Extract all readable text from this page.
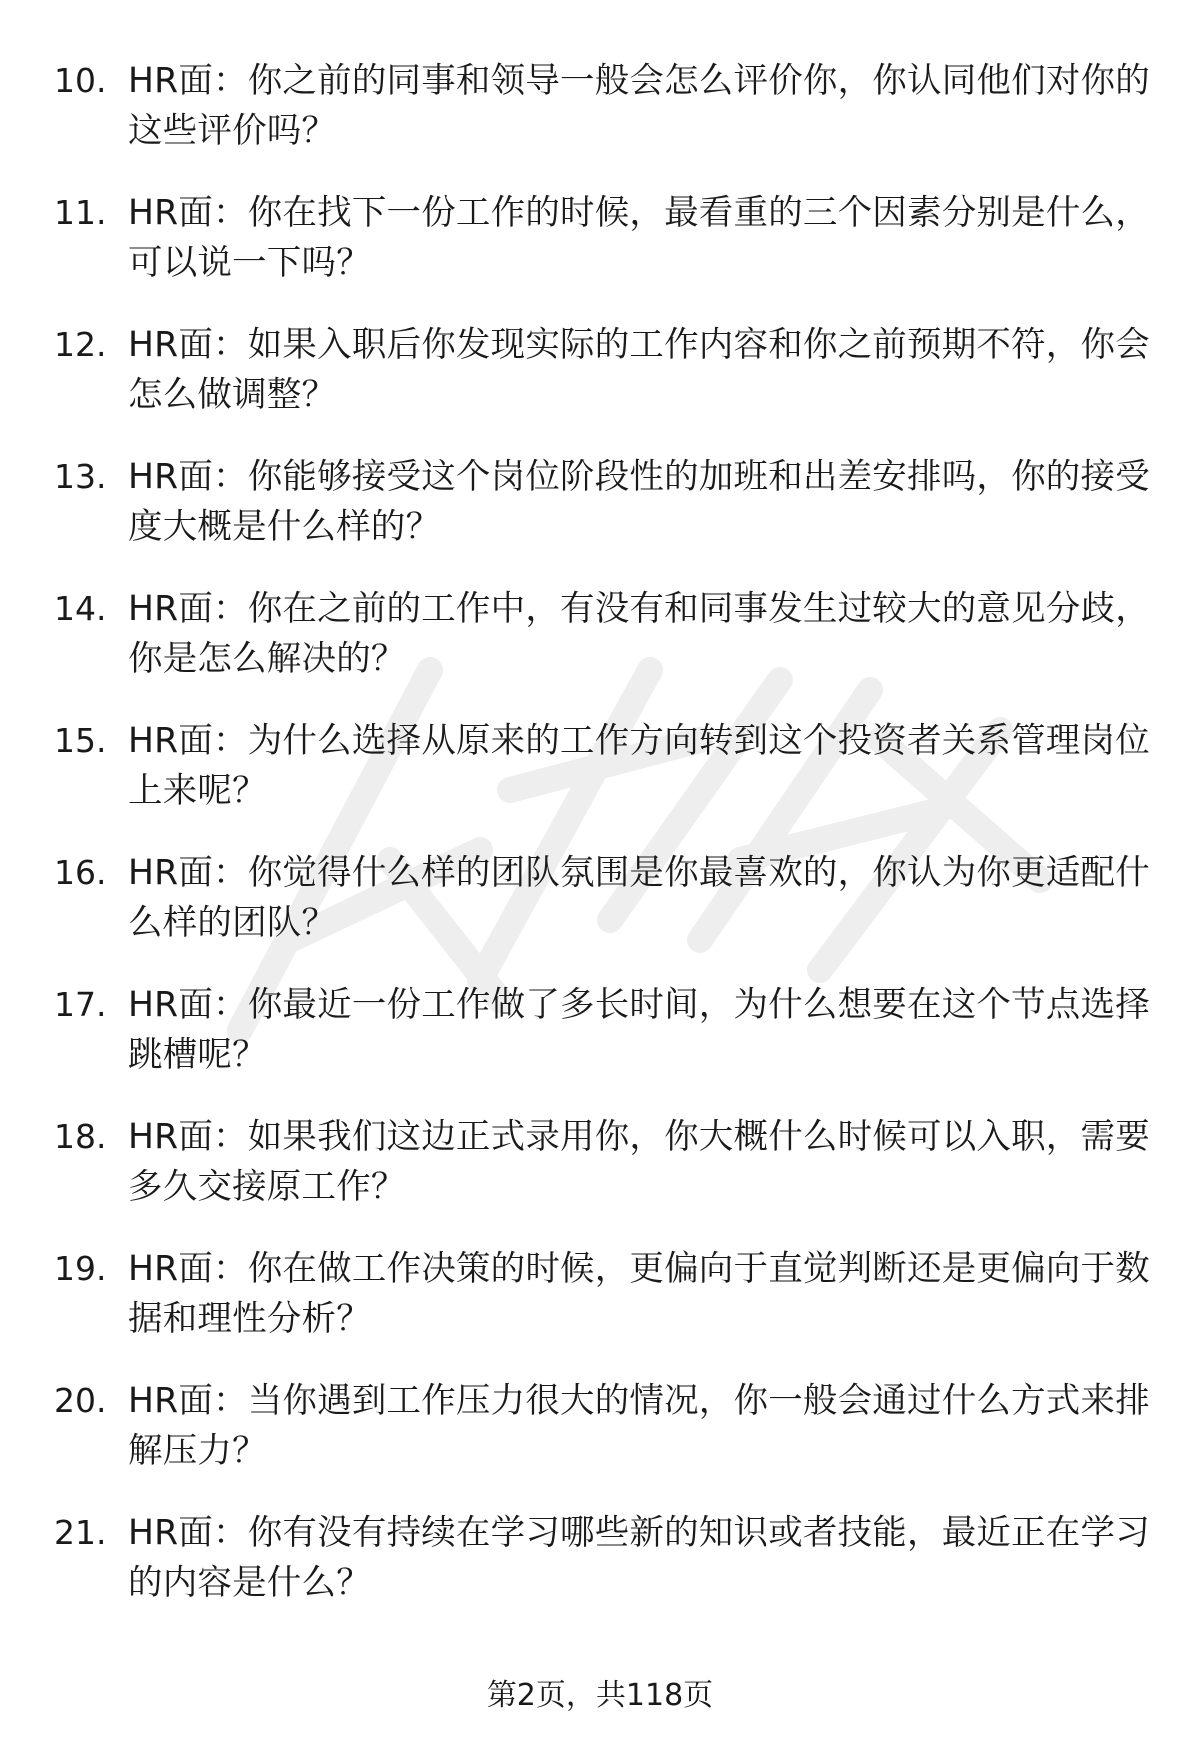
10. HR面：你之前的同事和领导一般会怎么评价你，你认同他们对你的这些评价吗？
11. HR面：你在找下一份工作的时候，最看重的三个因素分别是什么，可以说一下吗？
12. HR面：如果入职后你发现实际的工作内容和你之前预期不符，你会怎么做调整？
13. HR面：你能够接受这个岗位阶段性的加班和出差安排吗，你的接受度大概是什么样的？
14. HR面：你在之前的工作中，有没有和同事发生过较大的意见分歧，你是怎么解决的？
15. HR面：为什么选择从原来的工作方向转到这个投资者关系管理岗位上来呢？
16. HR面：你觉得什么样的团队氛围是你最喜欢的，你认为你更适配什么样的团队？
17. HR面：你最近一份工作做了多长时间，为什么想要在这个节点选择跳槽呢？
18. HR面：如果我们这边正式录用你，你大概什么时候可以入职，需要多久交接原工作？
19. HR面：你在做工作决策的时候，更偏向于直觉判断还是更偏向于数据和理性分析？
20. HR面：当你遇到工作压力很大的情况，你一般会通过什么方式来排解压力？
21. HR面：你有没有持续在学习哪些新的知识或者技能，最近正在学习的内容是什么？
第2页，共118页
